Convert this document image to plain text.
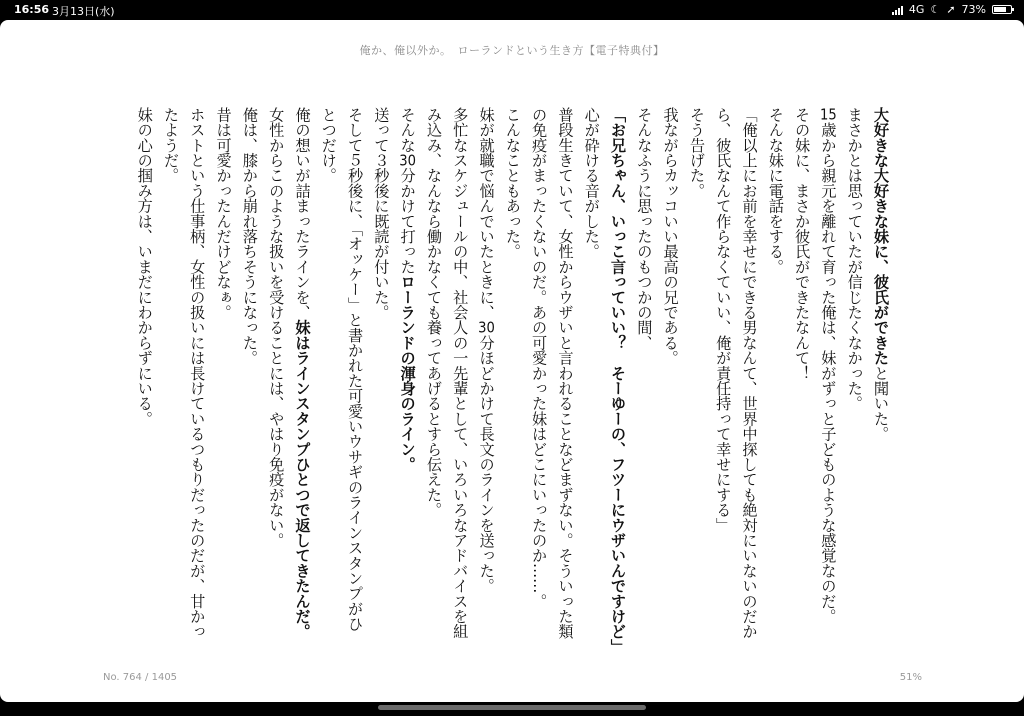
16:56 3月13日(水)	4G ☾ ➚ 73%
俺か、俺以外か。　ローランドという生き方【電子特典付】
大好きな大好きな妹に、彼氏ができたと聞いた。
まさかとは思っていたが信じたくなかった。
15歳から親元を離れて育った俺は、妹がずっと子どものような感覚なのだ。
その妹に、まさか彼氏ができたなんて！
そんな妹に電話をする。
「俺以上にお前を幸せにできる男なんて、世界中探しても絶対にいないのだか
ら、彼氏なんて作らなくていい、俺が責任持って幸せにする」
そう告げた。
我ながらカッコいい最高の兄である。
そんなふうに思ったのもつかの間、
「お兄ちゃん、いっこ言っていい？　そーゆーの、フツーにウザいんですけど」
心が砕ける音がした。
普段生きていて、女性からウザいと言われることなどまずない。そういった類
の免疫がまったくないのだ。あの可愛かった妹はどこにいったのか……。
こんなこともあった。
妹が就職で悩んでいたときに、30分ほどかけて長文のラインを送った。
多忙なスケジュールの中、社会人の一先輩として、いろいろなアドバイスを組
み込み、なんなら働かなくても養ってあげるとすら伝えた。
そんな30分かけて打ったローランドの渾身のライン。
送って３秒後に既読が付いた。
そして５秒後に、「オッケー」と書かれた可愛いウサギのラインスタンプがひ
とつだけ。
俺の想いが詰まったラインを、妹はラインスタンプひとつで返してきたんだ。
女性からこのような扱いを受けることには、やはり免疫がない。
俺は、膝から崩れ落ちそうになった。
昔は可愛かったんだけどなぁ。
ホストという仕事柄、女性の扱いには長けているつもりだったのだが、甘かっ
たようだ。
妹の心の掴み方は、いまだにわからずにいる。
No. 764 / 1405	51%
